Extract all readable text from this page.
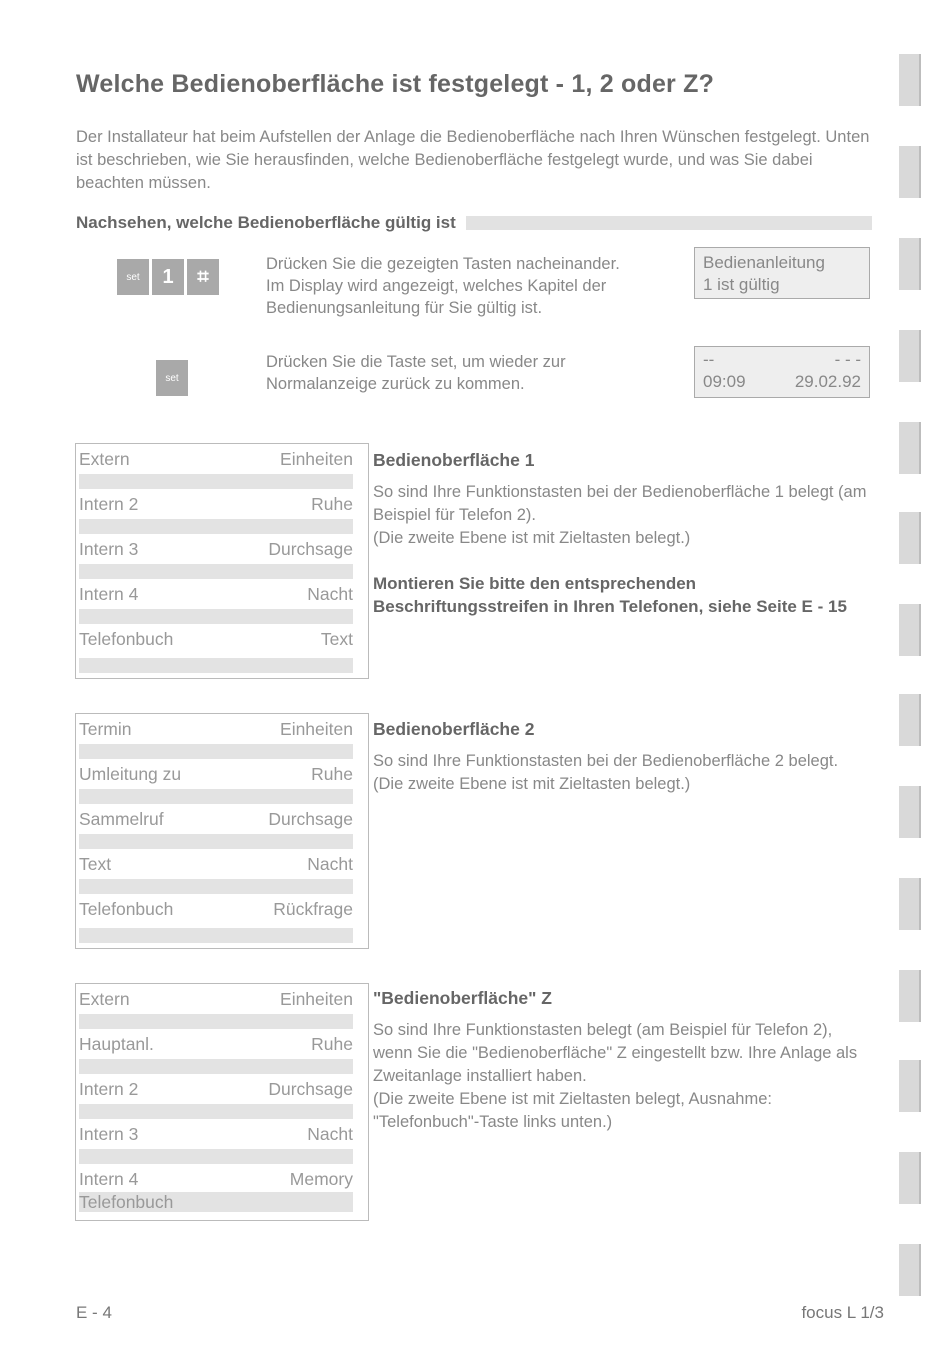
Welche Bedienoberfläche ist festgelegt - 1, 2 oder Z?

Der Installateur hat beim Aufstellen der Anlage die Bedienoberfläche nach Ihren Wünschen festgelegt. Unten ist beschrieben, wie Sie herausfinden, welche Bedienoberfläche festgelegt wurde, und was Sie dabei beachten müssen.

Nachsehen, welche Bedienoberfläche gültig ist
set	1	⌗
set
Drücken Sie die gezeigten Tasten nacheinander.
Im Display wird angezeigt, welches Kapitel der Bedienungsanleitung für Sie gültig ist.

Drücken Sie die Taste set, um wieder zur Normalanzeige zurück zu kommen.

Bedienanleitung
1 ist gültig
--	- - -
09:09	29.02.92
Extern	Einheiten
Intern 2	Ruhe
Intern 3	Durchsage
Intern 4	Nacht
Telefonbuch	Text
Bedienoberfläche 1

So sind Ihre Funktionstasten bei der Bedienoberfläche 1 belegt (am Beispiel für Telefon 2).

(Die zweite Ebene ist mit Zieltasten belegt.)

Montieren Sie bitte den entsprechenden Beschriftungsstreifen in Ihren Telefonen, siehe Seite E - 15
Termin	Einheiten
Umleitung zu	Ruhe
Sammelruf	Durchsage
Text	Nacht
Telefonbuch	Rückfrage
Bedienoberfläche 2

So sind Ihre Funktionstasten bei der Bedienoberfläche 2 belegt.

(Die zweite Ebene ist mit Zieltasten belegt.)

Extern	Einheiten
Hauptanl.	Ruhe
Intern 2	Durchsage
Intern 3	Nacht
Intern 4	Memory
Telefonbuch
"Bedienoberfläche" Z

So sind Ihre Funktionstasten belegt (am Beispiel für Telefon 2), wenn Sie die "Bedienoberfläche" Z eingestellt bzw. Ihre Anlage als Zweitanlage installiert haben.

(Die zweite Ebene ist mit Zieltasten belegt, Ausnahme: "Telefonbuch"-Taste links unten.)

E - 4	focus L 1/3
